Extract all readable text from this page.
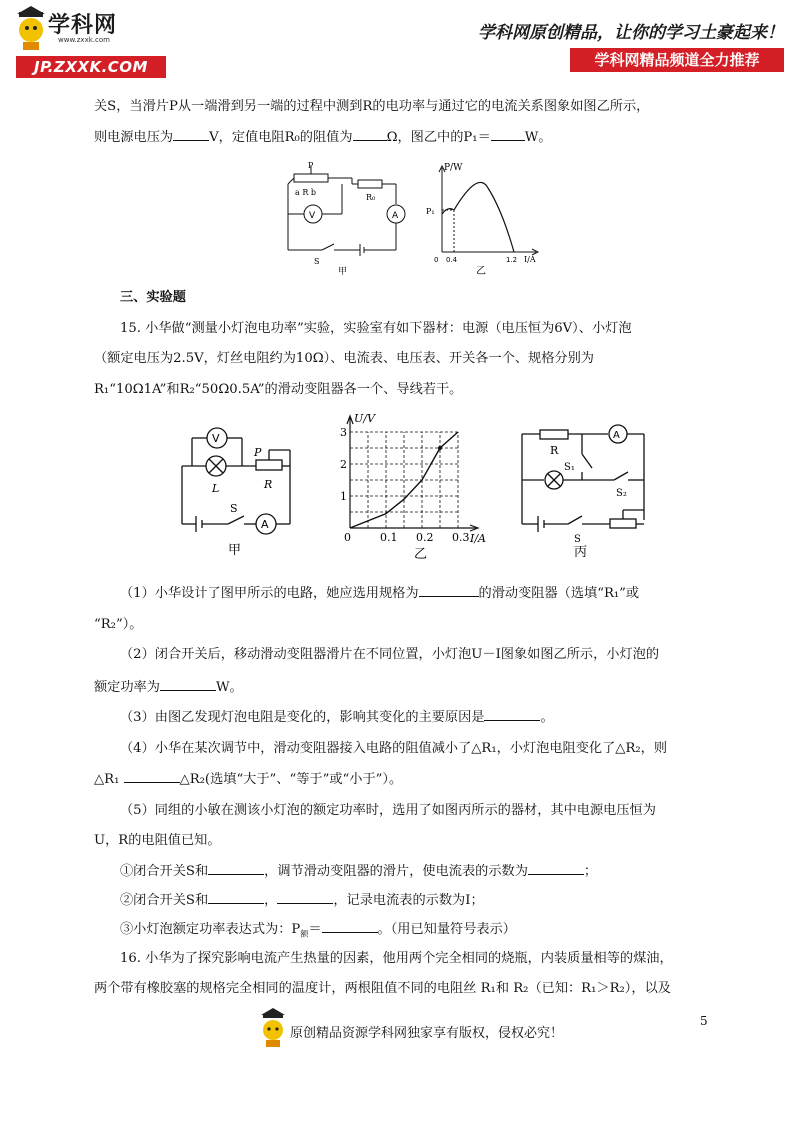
学科网
www.zxxk.com
JP.ZXXK.COM
学科网原创精品，让你的学习土豪起来！
学科网精品频道全力推荐
关S，当滑片P从一端滑到另一端的过程中测到R的电功率与通过它的电流关系图象如图乙所示，
则电源电压为	V，定值电阻R₀的阻值为	Ω，图乙中的P₁＝	W。
P
a R b
R₀
V	A
S
甲
P/W
P₁
0 0.4	1.2 I/A
乙
三、实验题
15. 小华做“测量小灯泡电功率”实验，实验室有如下器材：电源（电压恒为6V）、小灯泡
（额定电压为2.5V，灯丝电阻约为10Ω）、电流表、电压表、开关各一个、规格分别为
R₁“10Ω1A”和R₂“50Ω0.5A”的滑动变阻器各一个、导线若干。
V
L
P
R
S
A
甲
0	0.1 0.2 0.3
1
2
3
U/V
I/A
乙
R
A
S₁
S₂
S
丙
（1）小华设计了图甲所示的电路，她应选用规格为	的滑动变阻器（选填“R₁”或
“R₂”）。
（2）闭合开关后，移动滑动变阻器滑片在不同位置，小灯泡U－I图象如图乙所示，小灯泡的
额定功率为	W。
（3）由图乙发现灯泡电阻是变化的，影响其变化的主要原因是	。
（4）小华在某次调节中，滑动变阻器接入电路的阻值减小了△R₁，小灯泡电阻变化了△R₂，则
△R₁	△R₂(选填“大于”、“等于”或“小于”）。
（5）同组的小敏在测该小灯泡的额定功率时，选用了如图丙所示的器材，其中电源电压恒为
U，R的电阻值已知。
①闭合开关S和	，调节滑动变阻器的滑片，使电流表的示数为	；
②闭合开关S和	，	，记录电流表的示数为I；
③小灯泡额定功率表达式为：$P_额=$	。（用已知量符号表示）
16. 小华为了探究影响电流产生热量的因素，他用两个完全相同的烧瓶，内装质量相等的煤油，
两个带有橡胶塞的规格完全相同的温度计，两根阻值不同的电阻丝 R₁和 R₂（已知：R₁＞R₂），以及
5
原创精品资源学科网独家享有版权，侵权必究！
